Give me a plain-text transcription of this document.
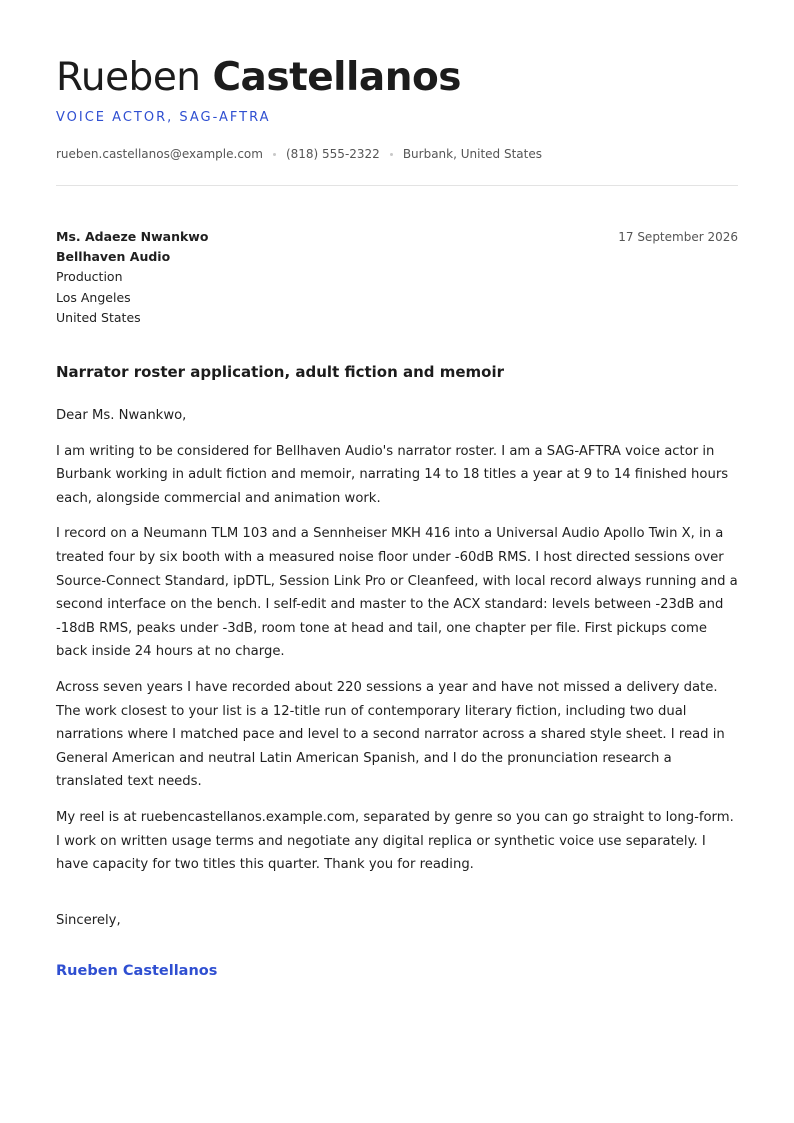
Rueben Castellanos
VOICE ACTOR, SAG-AFTRA
rueben.castellanos@example.com (818) 555-2322 Burbank, United States
Ms. Adaeze Nwankwo
Bellhaven Audio
Production
Los Angeles
United States
17 September 2026
Narrator roster application, adult fiction and memoir

Dear Ms. Nwankwo,

I am writing to be considered for Bellhaven Audio's narrator roster. I am a SAG-AFTRA voice actor in Burbank working in adult fiction and memoir, narrating 14 to 18 titles a year at 9 to 14 finished hours each, alongside commercial and animation work.

I record on a Neumann TLM 103 and a Sennheiser MKH 416 into a Universal Audio Apollo Twin X, in a treated four by six booth with a measured noise floor under -60dB RMS. I host directed sessions over Source-Connect Standard, ipDTL, Session Link Pro or Cleanfeed, with local record always running and a second interface on the bench. I self-edit and master to the ACX standard: levels between -23dB and -18dB RMS, peaks under -3dB, room tone at head and tail, one chapter per file. First pickups come back inside 24 hours at no charge.

Across seven years I have recorded about 220 sessions a year and have not missed a delivery date. The work closest to your list is a 12-title run of contemporary literary fiction, including two dual narrations where I matched pace and level to a second narrator across a shared style sheet. I read in General American and neutral Latin American Spanish, and I do the pronunciation research a translated text needs.

My reel is at ruebencastellanos.example.com, separated by genre so you can go straight to long-form. I work on written usage terms and negotiate any digital replica or synthetic voice use separately. I have capacity for two titles this quarter. Thank you for reading.

Sincerely,
Rueben Castellanos
